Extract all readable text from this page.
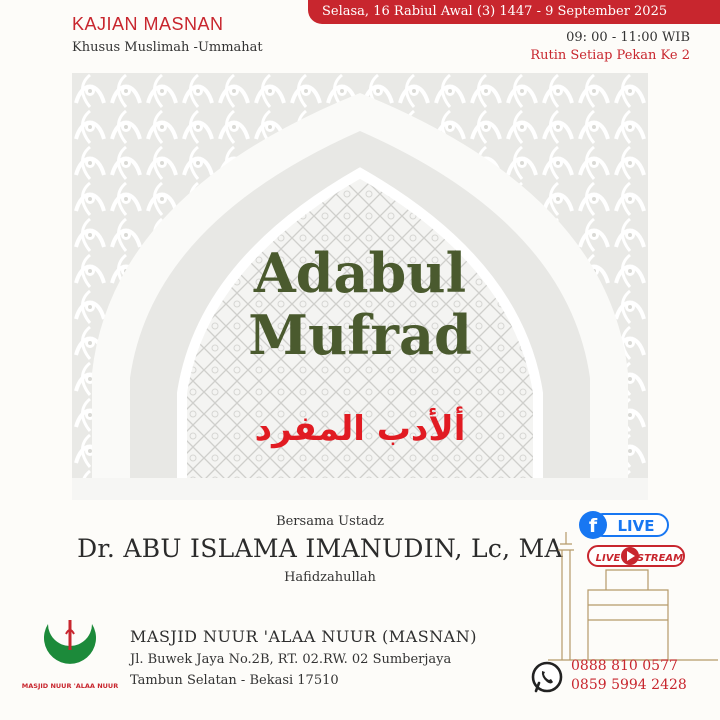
Selasa, 16 Rabiul Awal (3) 1447 - 9 September 2025
KAJIAN MASNAN
Khusus Muslimah -Ummahat
09: 00 - 11:00 WIB
Rutin Setiap Pekan Ke 2
Adabul
Mufrad
ألأدب المفرد
Bersama Ustadz
Dr. ABU ISLAMA IMANUDIN, Lc, MA
Hafidzahullah
MASJID NUUR 'ALAA NUUR
MASJID NUUR 'ALAA NUUR (MASNAN)
Jl. Buwek Jaya No.2B, RT. 02.RW. 02 Sumberjaya
Tambun Selatan - Bekasi 17510
f LIVE
LIVE STREAM
0888 810 0577
0859 5994 2428
